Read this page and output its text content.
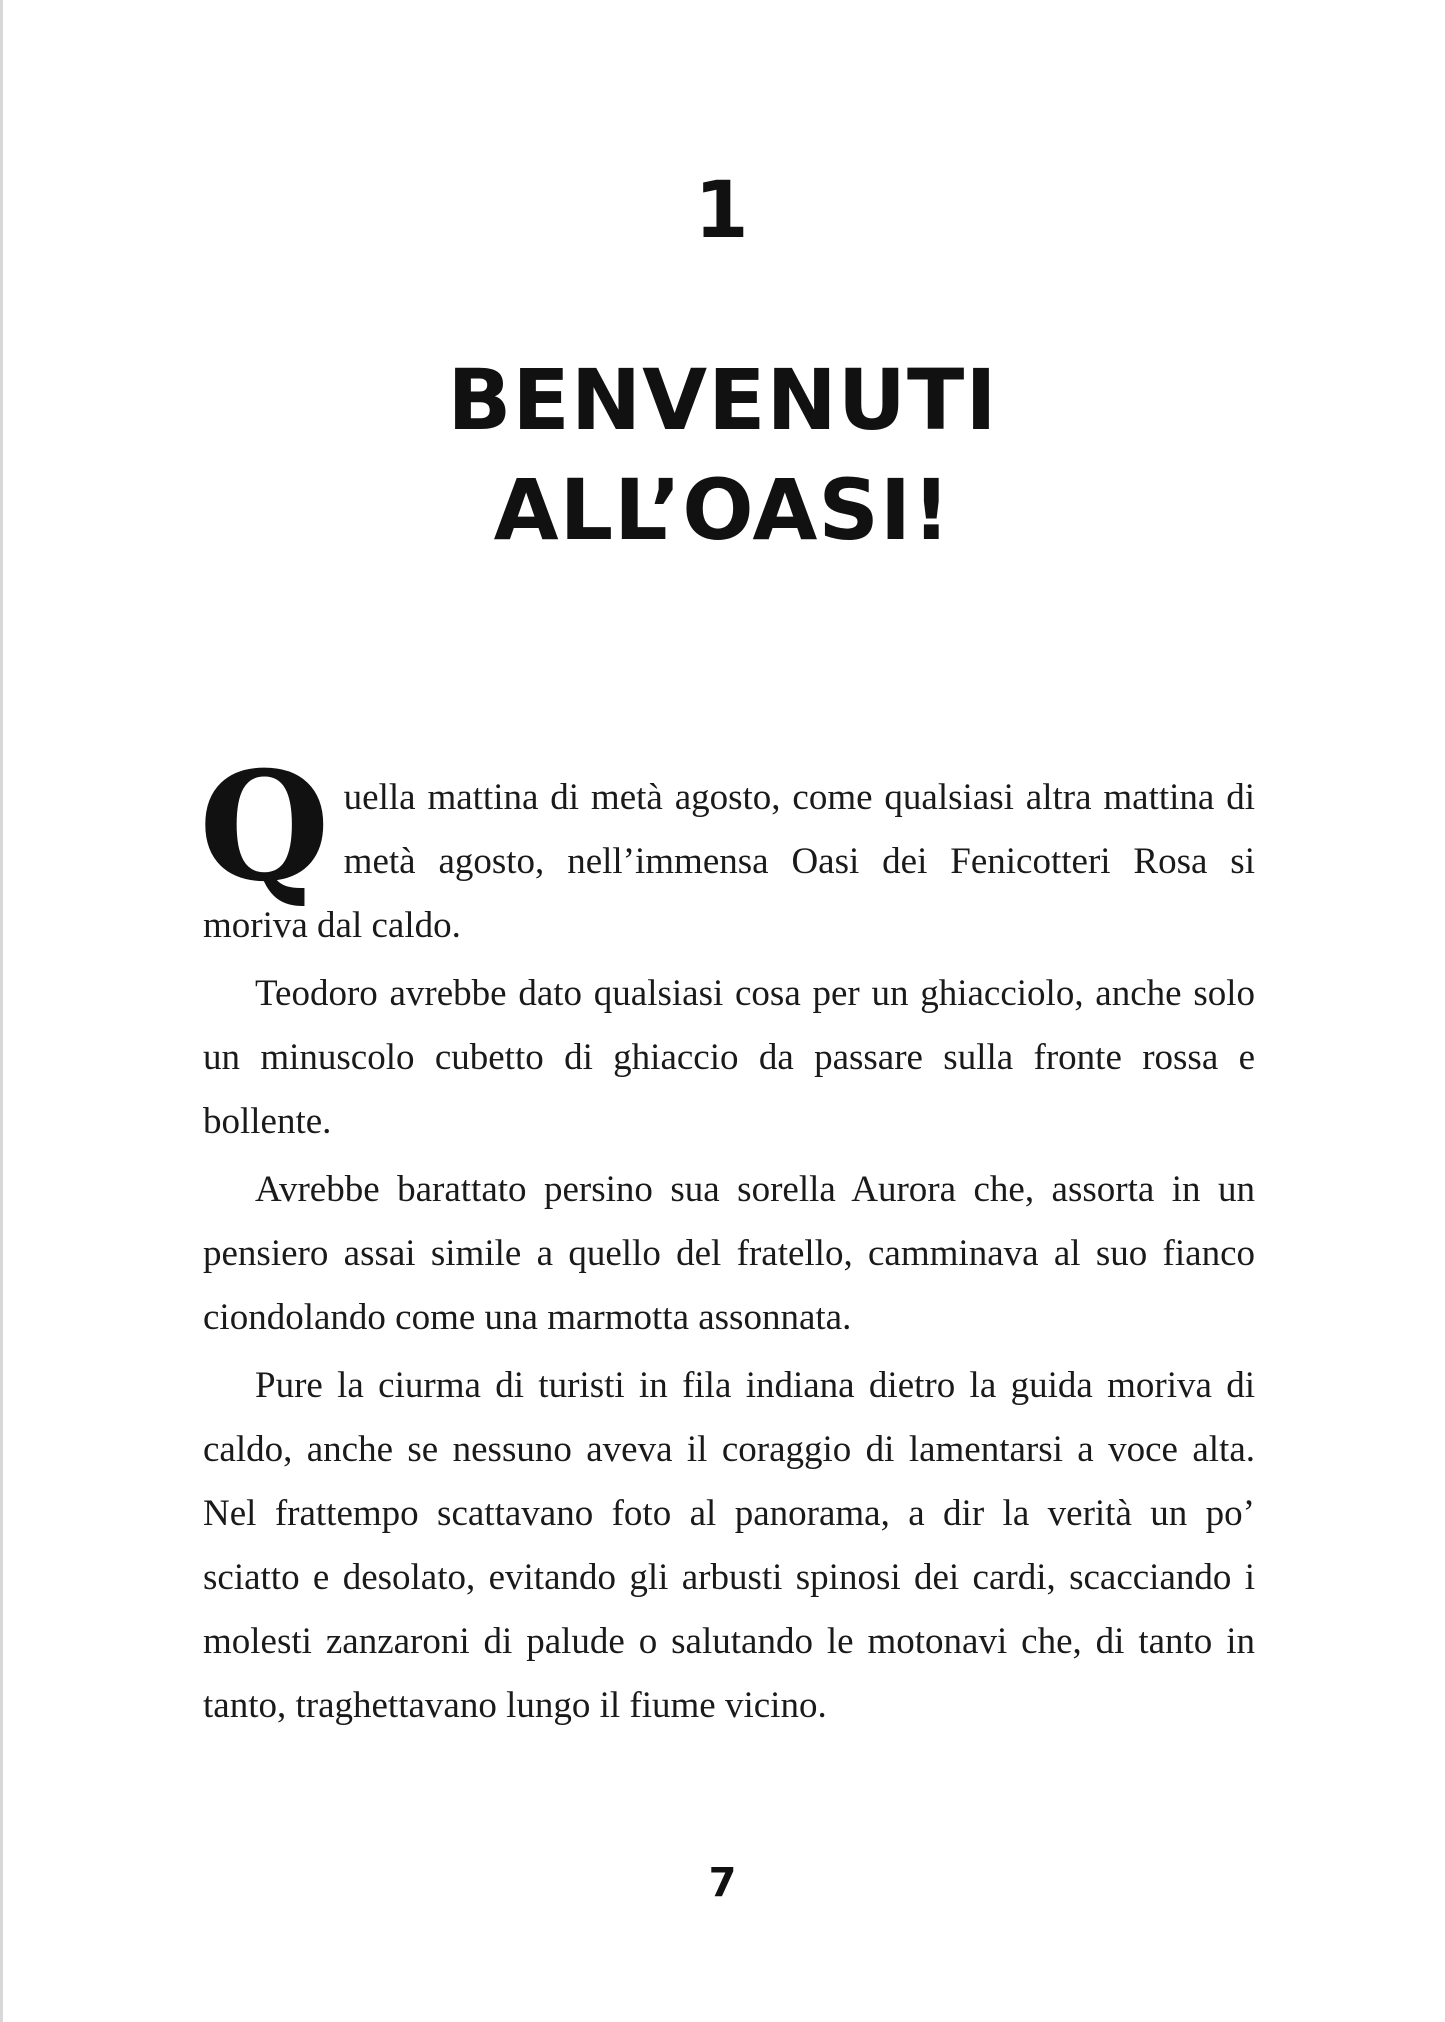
1
BENVENUTI
ALL’OASI!

Q uella mattina di metà agosto, come qualsiasi altra mattina di metà agosto, nell’immensa Oasi dei Fenicotteri Rosa si moriva dal caldo.

Teodoro avrebbe dato qualsiasi cosa per un ghiacciolo, anche solo un minuscolo cubetto di ghiaccio da passare sulla fronte rossa e bollente.

Avrebbe barattato persino sua sorella Aurora che, assorta in un pensiero assai simile a quello del fratello, camminava al suo fianco ciondolando come una marmotta assonnata.

Pure la ciurma di turisti in fila indiana dietro la guida moriva di caldo, anche se nessuno aveva il coraggio di lamentarsi a voce alta. Nel frattempo scattavano foto al panorama, a dir la verità un po’ sciatto e desolato, evitando gli arbusti spinosi dei cardi, scacciando i molesti zanzaroni di palude o salutando le motonavi che, di tanto in tanto, traghettavano lungo il fiume vicino.

7
